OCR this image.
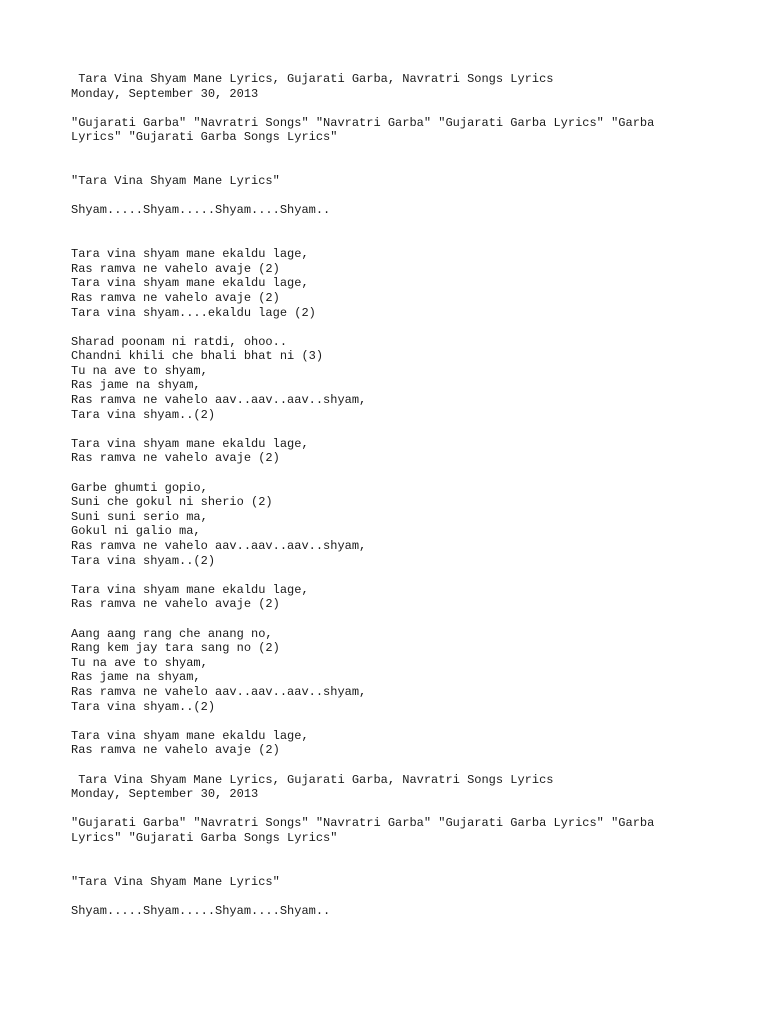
Tara Vina Shyam Mane Lyrics, Gujarati Garba, Navratri Songs Lyrics
Monday, September 30, 2013
"Gujarati Garba" "Navratri Songs" "Navratri Garba" "Gujarati Garba Lyrics" "Garba
Lyrics" "Gujarati Garba Songs Lyrics"
"Tara Vina Shyam Mane Lyrics"
Shyam.....Shyam.....Shyam....Shyam..
Tara vina shyam mane ekaldu lage,
Ras ramva ne vahelo avaje (2)
Tara vina shyam mane ekaldu lage,
Ras ramva ne vahelo avaje (2)
Tara vina shyam....ekaldu lage (2)
Sharad poonam ni ratdi, ohoo..
Chandni khili che bhali bhat ni (3)
Tu na ave to shyam,
Ras jame na shyam,
Ras ramva ne vahelo aav..aav..aav..shyam,
Tara vina shyam..(2)
Tara vina shyam mane ekaldu lage,
Ras ramva ne vahelo avaje (2)
Garbe ghumti gopio,
Suni che gokul ni sherio (2)
Suni suni serio ma,
Gokul ni galio ma,
Ras ramva ne vahelo aav..aav..aav..shyam,
Tara vina shyam..(2)
Tara vina shyam mane ekaldu lage,
Ras ramva ne vahelo avaje (2)
Aang aang rang che anang no,
Rang kem jay tara sang no (2)
Tu na ave to shyam,
Ras jame na shyam,
Ras ramva ne vahelo aav..aav..aav..shyam,
Tara vina shyam..(2)
Tara vina shyam mane ekaldu lage,
Ras ramva ne vahelo avaje (2)
Tara Vina Shyam Mane Lyrics, Gujarati Garba, Navratri Songs Lyrics
Monday, September 30, 2013
"Gujarati Garba" "Navratri Songs" "Navratri Garba" "Gujarati Garba Lyrics" "Garba
Lyrics" "Gujarati Garba Songs Lyrics"
"Tara Vina Shyam Mane Lyrics"
Shyam.....Shyam.....Shyam....Shyam..
